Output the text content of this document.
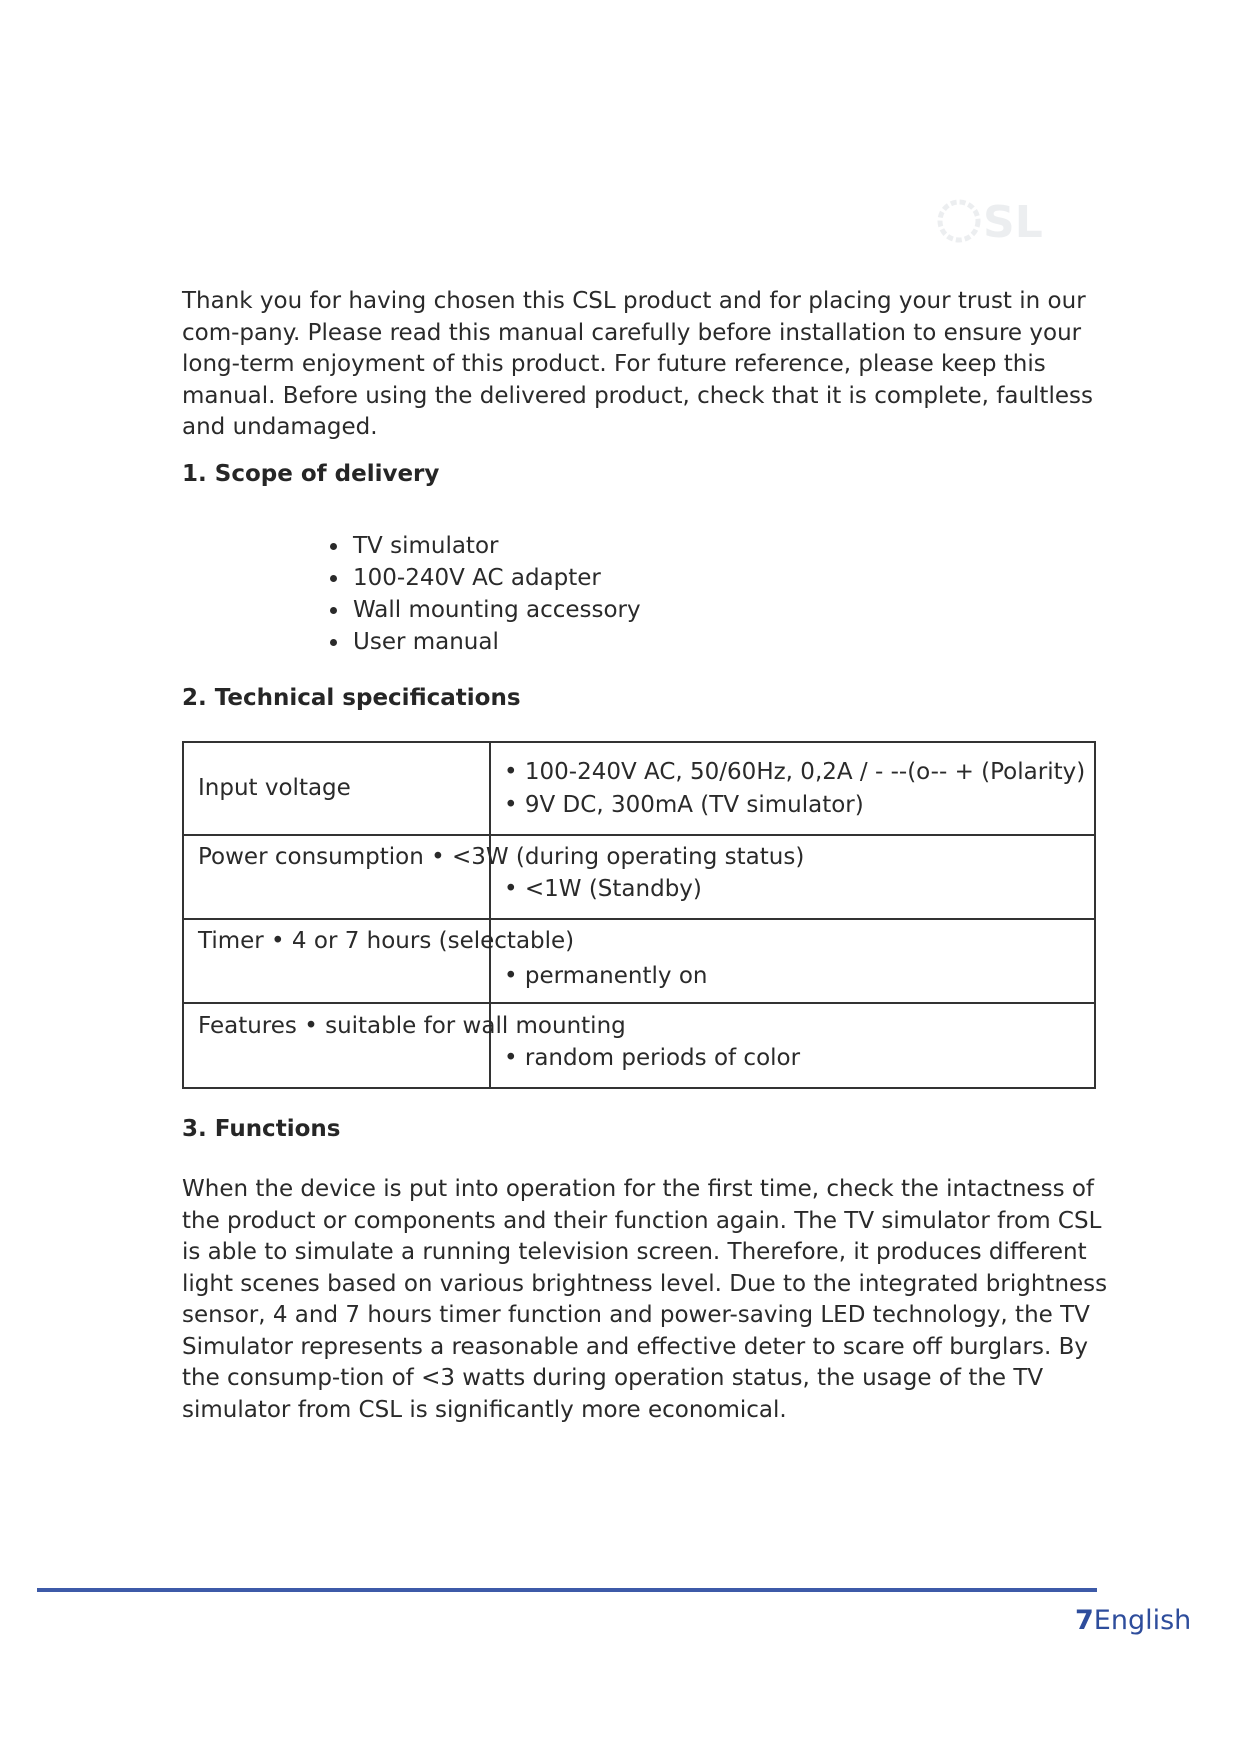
SL

Thank you for having chosen this CSL product and for placing your trust in our com-pany. Please read this manual carefully before installation to ensure your long-term enjoyment of this product. For future reference, please keep this manual. Before using the delivered product, check that it is complete, faultless and undamaged.

1. Scope of delivery
TV simulator
100-240V AC adapter
Wall mounting accessory
User manual
2. Technical specifications
Input voltage
• 100-240V AC, 50/60Hz, 0,2A / - --(o-- + (Polarity)
• 9V DC, 300mA (TV simulator)
Power consumption • <3W (during operating status)
• <1W (Standby)
Timer • 4 or 7 hours (selectable)
• permanently on
Features • suitable for wall mounting
• random periods of color
3. Functions

When the device is put into operation for the first time, check the intactness of the product or components and their function again. The TV simulator from CSL is able to simulate a running television screen. Therefore, it produces different light scenes based on various brightness level. Due to the integrated brightness sensor, 4 and 7 hours timer function and power-saving LED technology, the TV Simulator represents a reasonable and effective deter to scare off burglars. By the consump-tion of <3 watts during operation status, the usage of the TV simulator from CSL is significantly more economical.

7English
